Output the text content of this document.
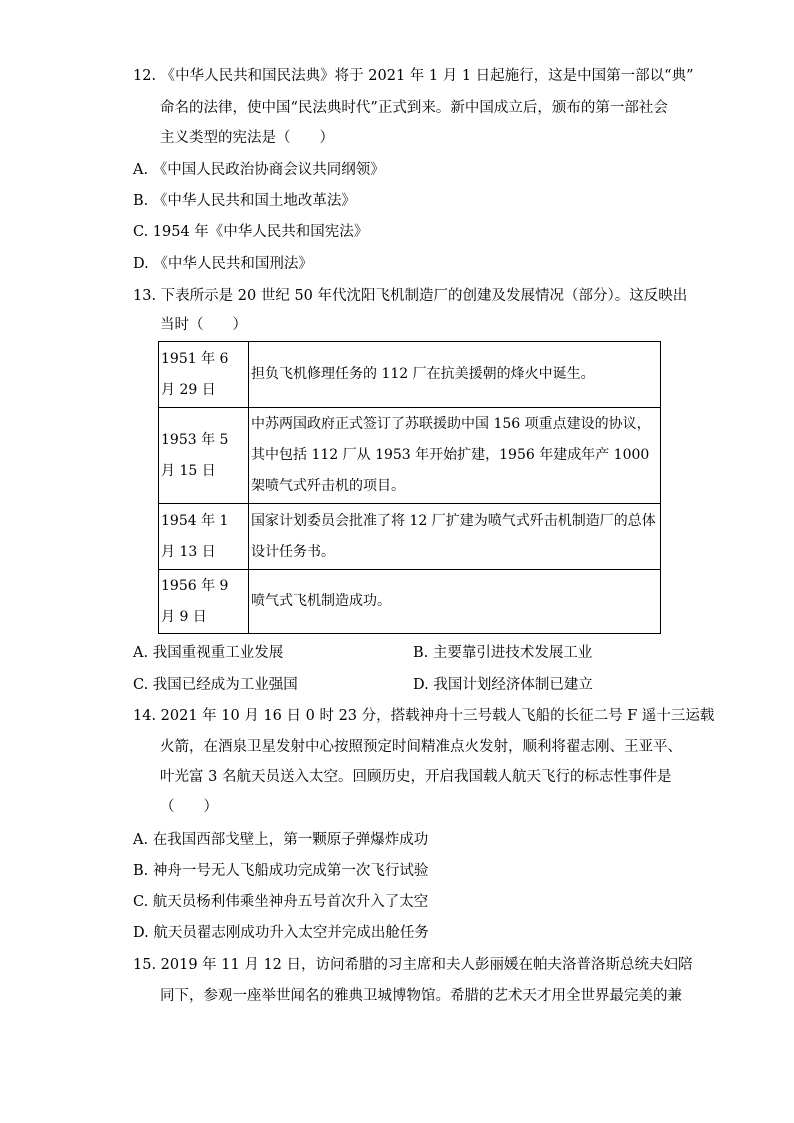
12. 《中华人民共和国民法典》将于 2021 年 1 月 1 日起施行，这是中国第一部以“典”
命名的法律，使中国“民法典时代”正式到来。新中国成立后，颁布的第一部社会
主义类型的宪法是（　　）
A. 《中国人民政治协商会议共同纲领》
B. 《中华人民共和国土地改革法》
C. 1954 年《中华人民共和国宪法》
D. 《中华人民共和国刑法》
13. 下表所示是 20 世纪 50 年代沈阳飞机制造厂的创建及发展情况（部分）。这反映出
当时（　　）
1951 年 6 月 29 日	担负飞机修理任务的 112 厂在抗美援朝的烽火中诞生。
1953 年 5 月 15 日	中苏两国政府正式签订了苏联援助中国 156 项重点建设的协议，其中包括 112 厂从 1953 年开始扩建，1956 年建成年产 1000 架喷气式歼击机的项目。
1954 年 1 月 13 日	国家计划委员会批准了将 12 厂扩建为喷气式歼击机制造厂的总体设计任务书。
1956 年 9 月 9 日	喷气式飞机制造成功。
A. 我国重视重工业发展	B. 主要靠引进技术发展工业
C. 我国已经成为工业强国	D. 我国计划经济体制已建立
14. 2021 年 10 月 16 日 0 时 23 分，搭载神舟十三号载人飞船的长征二号 F 遥十三运载
火箭，在酒泉卫星发射中心按照预定时间精准点火发射，顺利将翟志刚、王亚平、
叶光富 3 名航天员送入太空。回顾历史，开启我国载人航天飞行的标志性事件是
（　　）
A. 在我国西部戈壁上，第一颗原子弹爆炸成功
B. 神舟一号无人飞船成功完成第一次飞行试验
C. 航天员杨利伟乘坐神舟五号首次升入了太空
D. 航天员翟志刚成功升入太空并完成出舱任务
15. 2019 年 11 月 12 日，访问希腊的习主席和夫人彭丽媛在帕夫洛普洛斯总统夫妇陪
同下，参观一座举世闻名的雅典卫城博物馆。希腊的艺术天才用全世界最完美的兼
